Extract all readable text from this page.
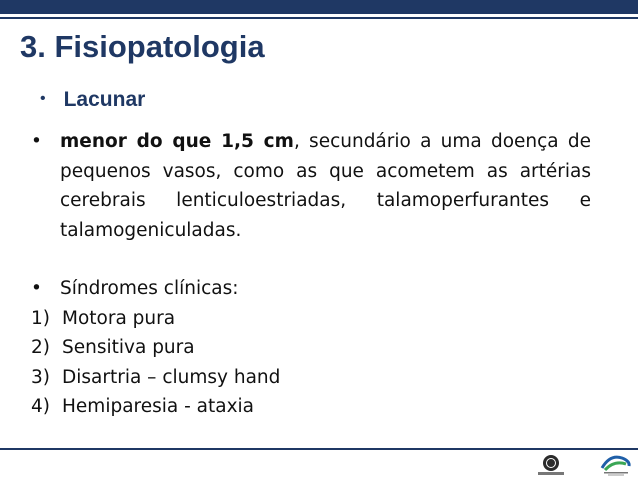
3. Fisiopatologia
• Lacunar
• menor do que 1,5 cm, secundário a uma doença de pequenos vasos, como as que acometem as artérias cerebrais lenticuloestriadas, talamoperfurantes e talamogeniculadas.
• Síndromes clínicas:
1) Motora pura
2) Sensitiva pura
3) Disartria – clumsy hand
4) Hemiparesia - ataxia
